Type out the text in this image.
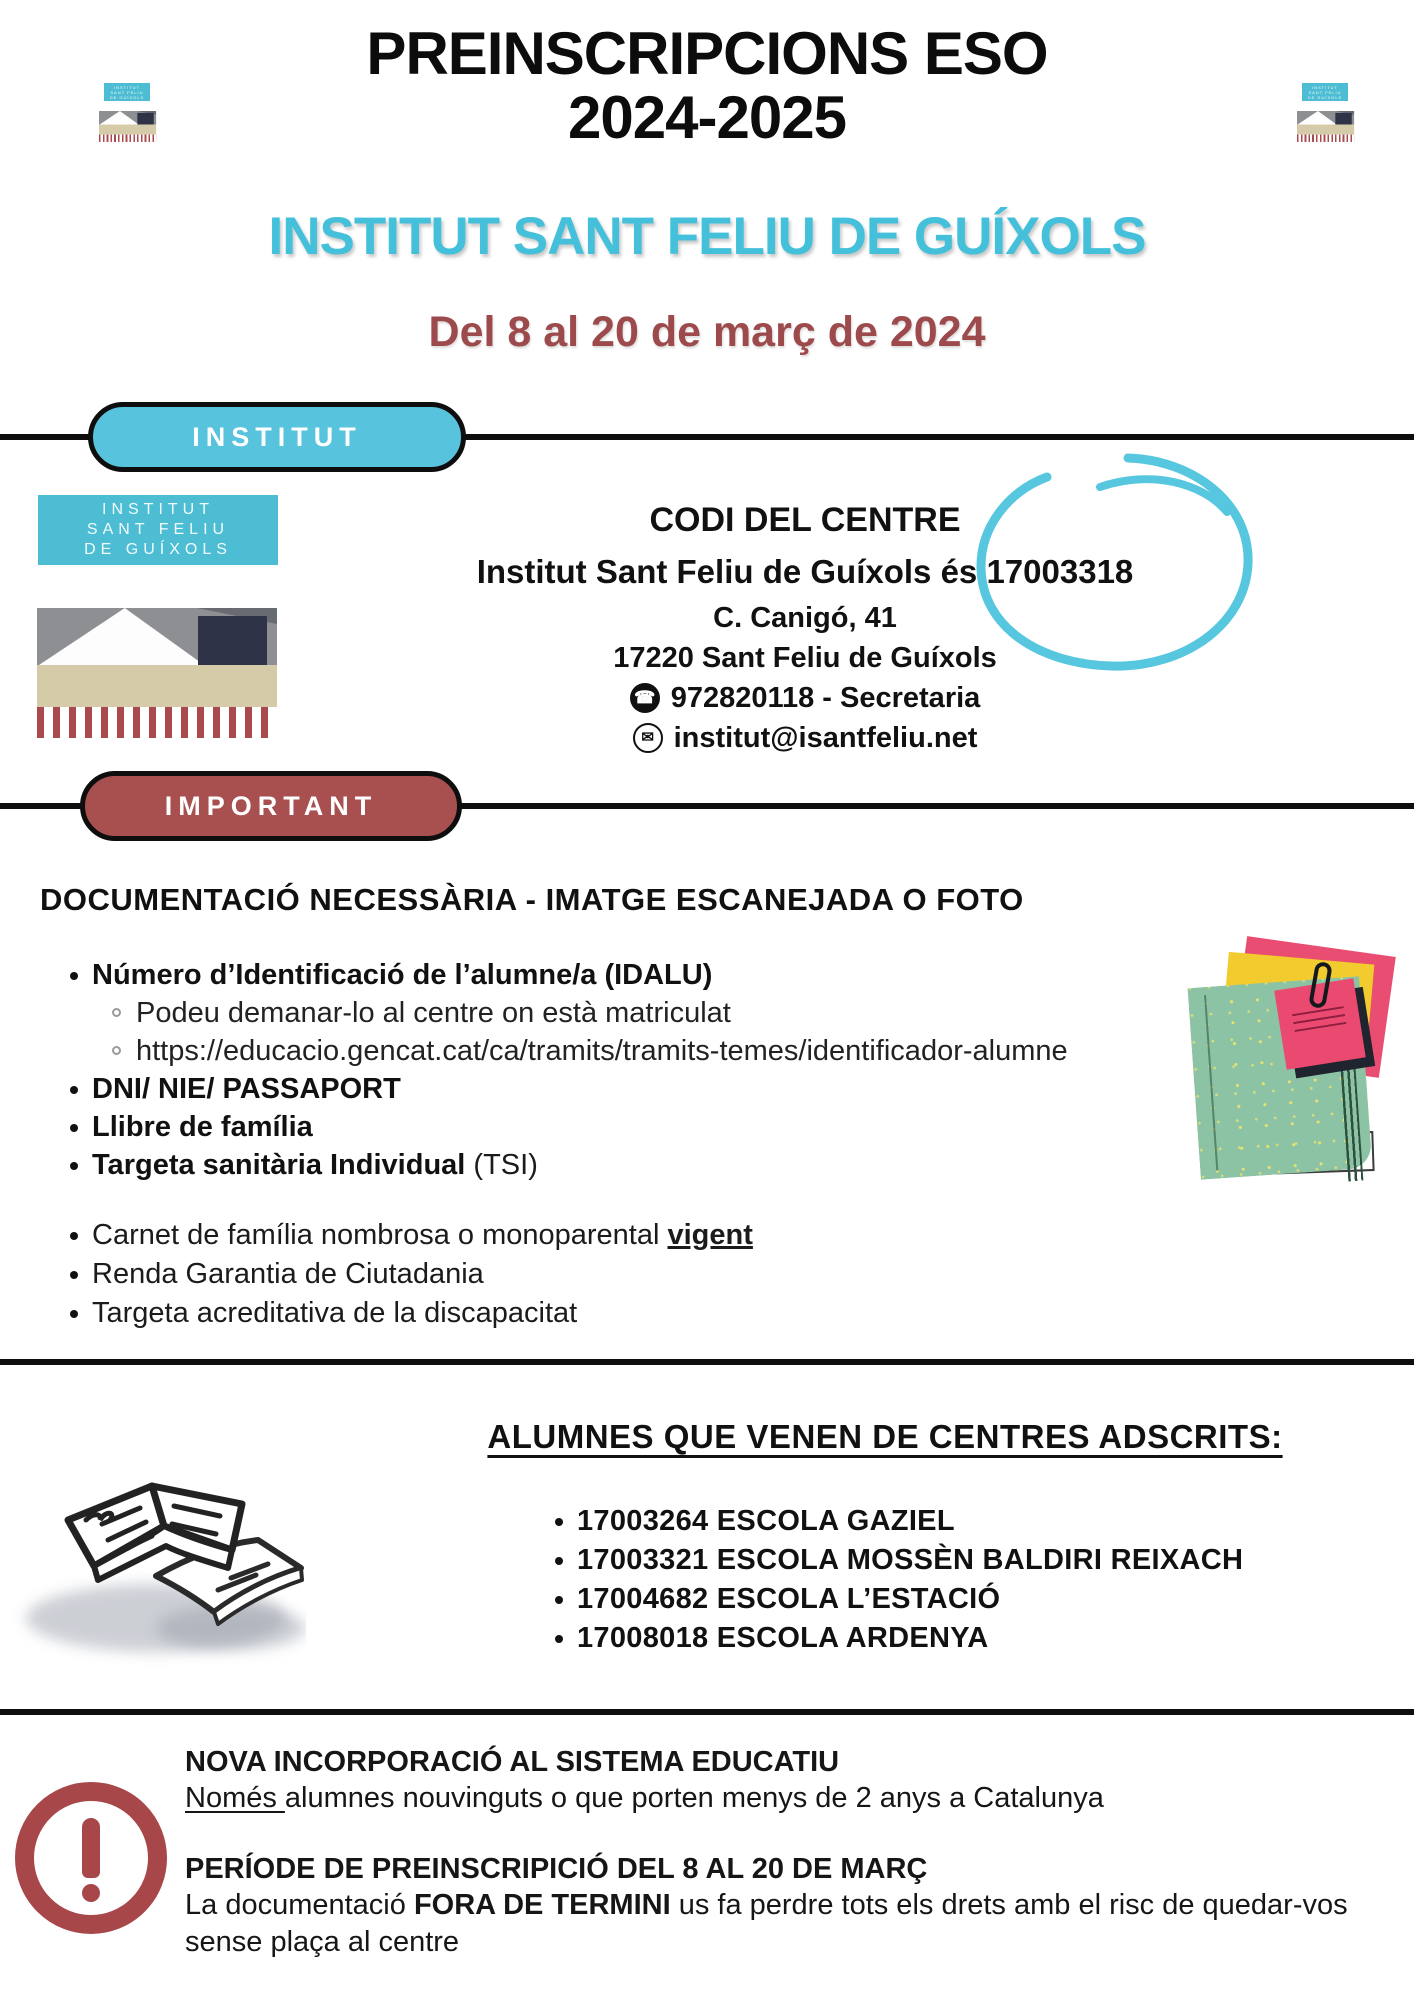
INSTITUT
SANT FELIU
DE GUÍXOLS
INSTITUT
SANT FELIU
DE GUÍXOLS
PREINSCRIPCIONS ESO
2024-2025
INSTITUT SANT FELIU DE GUÍXOLS
Del 8 al 20 de març de 2024
INSTITUT
INSTITUT
SANT FELIU
DE GUÍXOLS
CODI DEL CENTRE
Institut Sant Feliu de Guíxols és 17003318
C. Canigó, 41
17220 Sant Feliu de Guíxols
☎ 972820118 - Secretaria
✉ institut@isantfeliu.net
IMPORTANT
DOCUMENTACIÓ NECESSÀRIA - IMATGE ESCANEJADA O FOTO
Número d’Identificació de l’alumne/a (IDALU)
Podeu demanar-lo al centre on està matriculat
https://educacio.gencat.cat/ca/tramits/tramits-temes/identificador-alumne
DNI/ NIE/ PASSAPORT
Llibre de família
Targeta sanitària Individual (TSI)
Carnet de família nombrosa o monoparental vigent
Renda Garantia de Ciutadania
Targeta acreditativa de la discapacitat
ALUMNES QUE VENEN DE CENTRES ADSCRITS:
17003264 ESCOLA GAZIEL
17003321 ESCOLA MOSSÈN BALDIRI REIXACH
17004682 ESCOLA L’ESTACIÓ
17008018 ESCOLA ARDENYA
NOVA INCORPORACIÓ AL SISTEMA EDUCATIU
Només alumnes nouvinguts o que porten menys de 2 anys a Catalunya
PERÍODE DE PREINSCRIPICIÓ DEL 8 AL 20 DE MARÇ
La documentació FORA DE TERMINI us fa perdre tots els drets amb el risc de quedar-vos sense plaça al centre
